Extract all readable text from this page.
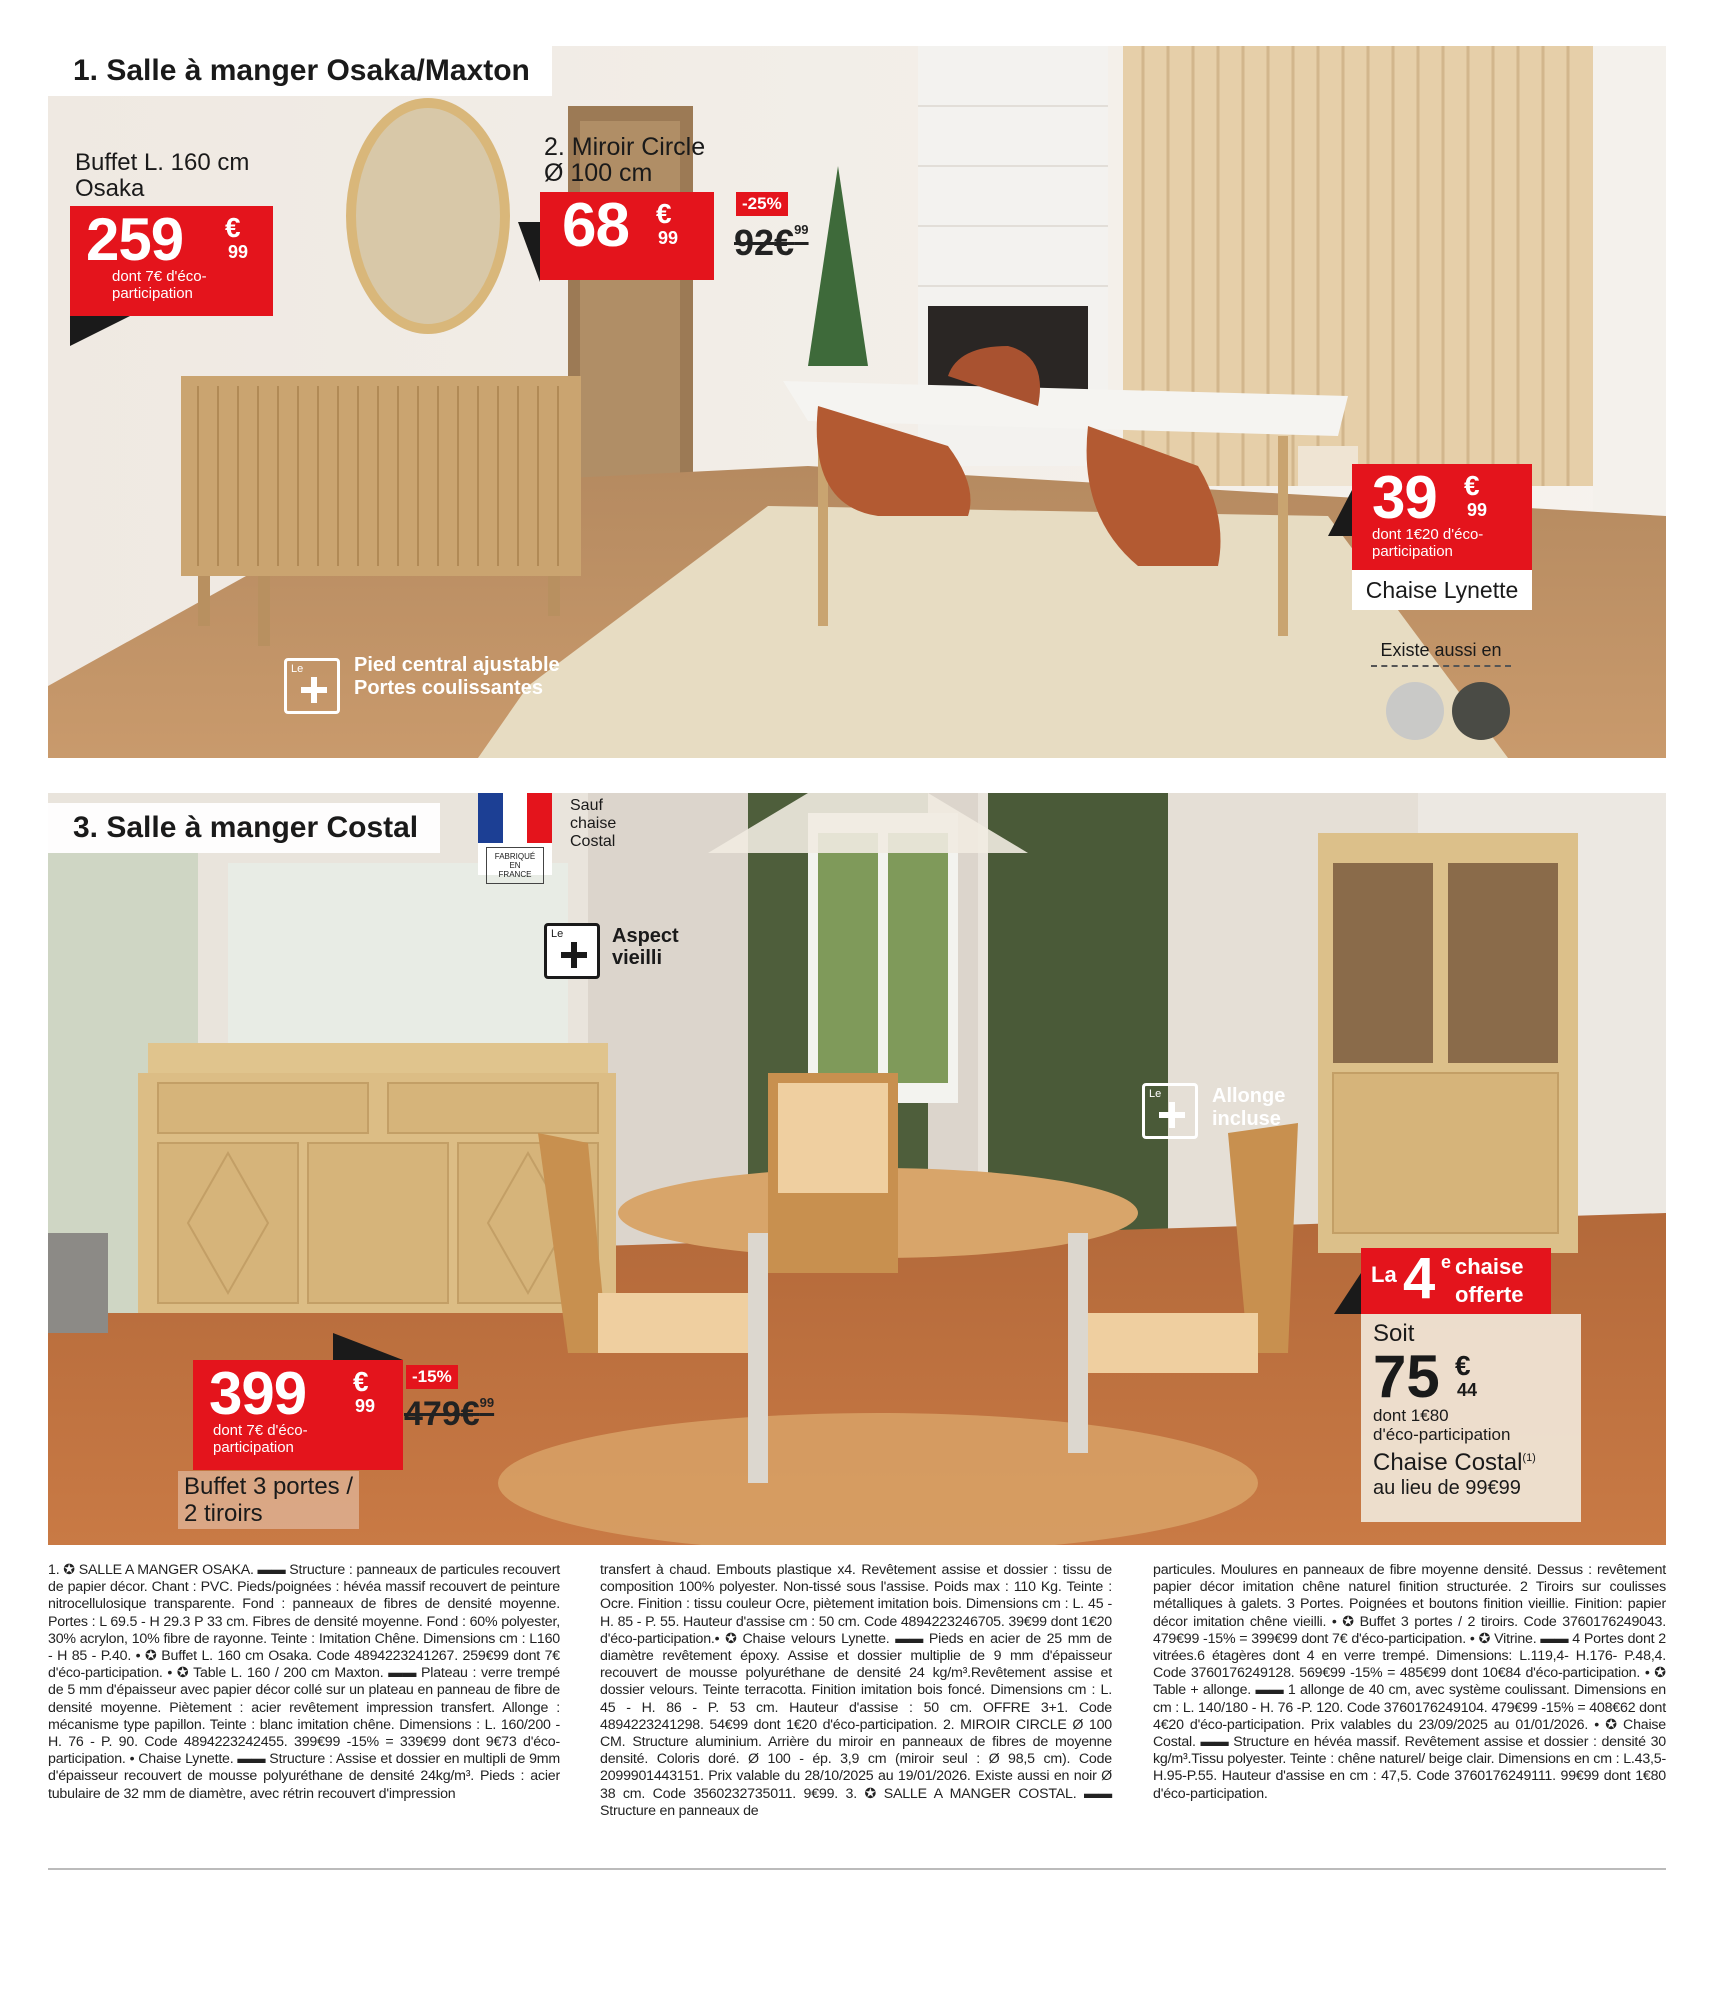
1. Salle à manger Osaka/Maxton
Buffet L. 160 cm Osaka
259 €
99
dont 7€ d'éco-participation
2. Miroir Circle
Ø 100 cm
68 €
99
-25%
92€$^{99}$
39 €
99
dont 1€20 d'éco-participation
Chaise Lynette
Existe aussi en
Le	Pied central ajustable
Portes coulissantes
3. Salle à manger Costal
FABRIQUÉ EN FRANCE
Sauf
chaise
Costal
Le Aspect
vieilli
Le	Allonge
incluse
399 €
99
dont 7€ d'éco-participation
-15%
479€$^{99}$
Buffet 3 portes /
2 tiroirs
La 4 e chaise
offerte
Soit
75 €
44
dont 1€80
d'éco-participation
Chaise Costal$^{(1)}$
au lieu de 99€99
1. ✪ SALLE A MANGER OSAKA. ▬▬ Structure : panneaux de particules recouvert de papier décor. Chant : PVC. Pieds/poignées : hévéa massif recouvert de peinture nitrocellulosique transparente. Fond : panneaux de fibres de densité moyenne. Portes : L 69.5 - H 29.3 P 33 cm. Fibres de densité moyenne. Fond : 60% polyester, 30% acrylon, 10% fibre de rayonne. Teinte : Imitation Chêne. Dimensions cm : L160 - H 85 - P.40. • ✪ Buffet L. 160 cm Osaka. Code 4894223241267. 259€99 dont 7€ d'éco-participation. • ✪ Table L. 160 / 200 cm Maxton. ▬▬ Plateau : verre trempé de 5 mm d'épaisseur avec papier décor collé sur un plateau en panneau de fibre de densité moyenne. Piètement : acier revêtement impression transfert. Allonge : mécanisme type papillon. Teinte : blanc imitation chêne. Dimensions : L. 160/200 - H. 76 - P. 90. Code 4894223242455. 399€99 -15% = 339€99 dont 9€73 d'éco-participation. • Chaise Lynette. ▬▬ Structure : Assise et dossier en multipli de 9mm d'épaisseur recouvert de mousse polyuréthane de densité 24kg/m³. Pieds : acier tubulaire de 32 mm de diamètre, avec rétrin recouvert d'impression
transfert à chaud. Embouts plastique x4. Revêtement assise et dossier : tissu de composition 100% polyester. Non-tissé sous l'assise. Poids max : 110 Kg. Teinte : Ocre. Finition : tissu couleur Ocre, piètement imitation bois. Dimensions cm : L. 45 - H. 85 - P. 55. Hauteur d'assise cm : 50 cm. Code 4894223246705. 39€99 dont 1€20 d'éco-participation.• ✪ Chaise velours Lynette. ▬▬ Pieds en acier de 25 mm de diamètre revêtement époxy. Assise et dossier multiplie de 9 mm d'épaisseur recouvert de mousse polyuréthane de densité 24 kg/m³.Revêtement assise et dossier velours. Teinte terracotta. Finition imitation bois foncé. Dimensions cm : L. 45 - H. 86 - P. 53 cm. Hauteur d'assise : 50 cm. OFFRE 3+1. Code 4894223241298. 54€99 dont 1€20 d'éco-participation. 2. MIROIR CIRCLE Ø 100 CM. Structure aluminium. Arrière du miroir en panneaux de fibres de moyenne densité. Coloris doré. Ø 100 - ép. 3,9 cm (miroir seul : Ø 98,5 cm). Code 2099901443151. Prix valable du 28/10/2025 au 19/01/2026. Existe aussi en noir Ø 38 cm. Code 3560232735011. 9€99. 3. ✪ SALLE A MANGER COSTAL. ▬▬ Structure en panneaux de
particules. Moulures en panneaux de fibre moyenne densité. Dessus : revêtement papier décor imitation chêne naturel finition structurée. 2 Tiroirs sur coulisses métalliques à galets. 3 Portes. Poignées et boutons finition vieillie. Finition: papier décor imitation chêne vieilli. • ✪ Buffet 3 portes / 2 tiroirs. Code 3760176249043. 479€99 -15% = 399€99 dont 7€ d'éco-participation. • ✪ Vitrine. ▬▬ 4 Portes dont 2 vitrées.6 étagères dont 4 en verre trempé. Dimensions: L.119,4- H.176- P.48,4. Code 3760176249128. 569€99 -15% = 485€99 dont 10€84 d'éco-participation. • ✪ Table + allonge. ▬▬ 1 allonge de 40 cm, avec système coulissant. Dimensions en cm : L. 140/180 - H. 76 -P. 120. Code 3760176249104. 479€99 -15% = 408€62 dont 4€20 d'éco-participation. Prix valables du 23/09/2025 au 01/01/2026. • ✪ Chaise Costal. ▬▬ Structure en hévéa massif. Revêtement assise et dossier : densité 30 kg/m³.Tissu polyester. Teinte : chêne naturel/ beige clair. Dimensions en cm : L.43,5- H.95-P.55. Hauteur d'assise en cm : 47,5. Code 3760176249111. 99€99 dont 1€80 d'éco-participation.
